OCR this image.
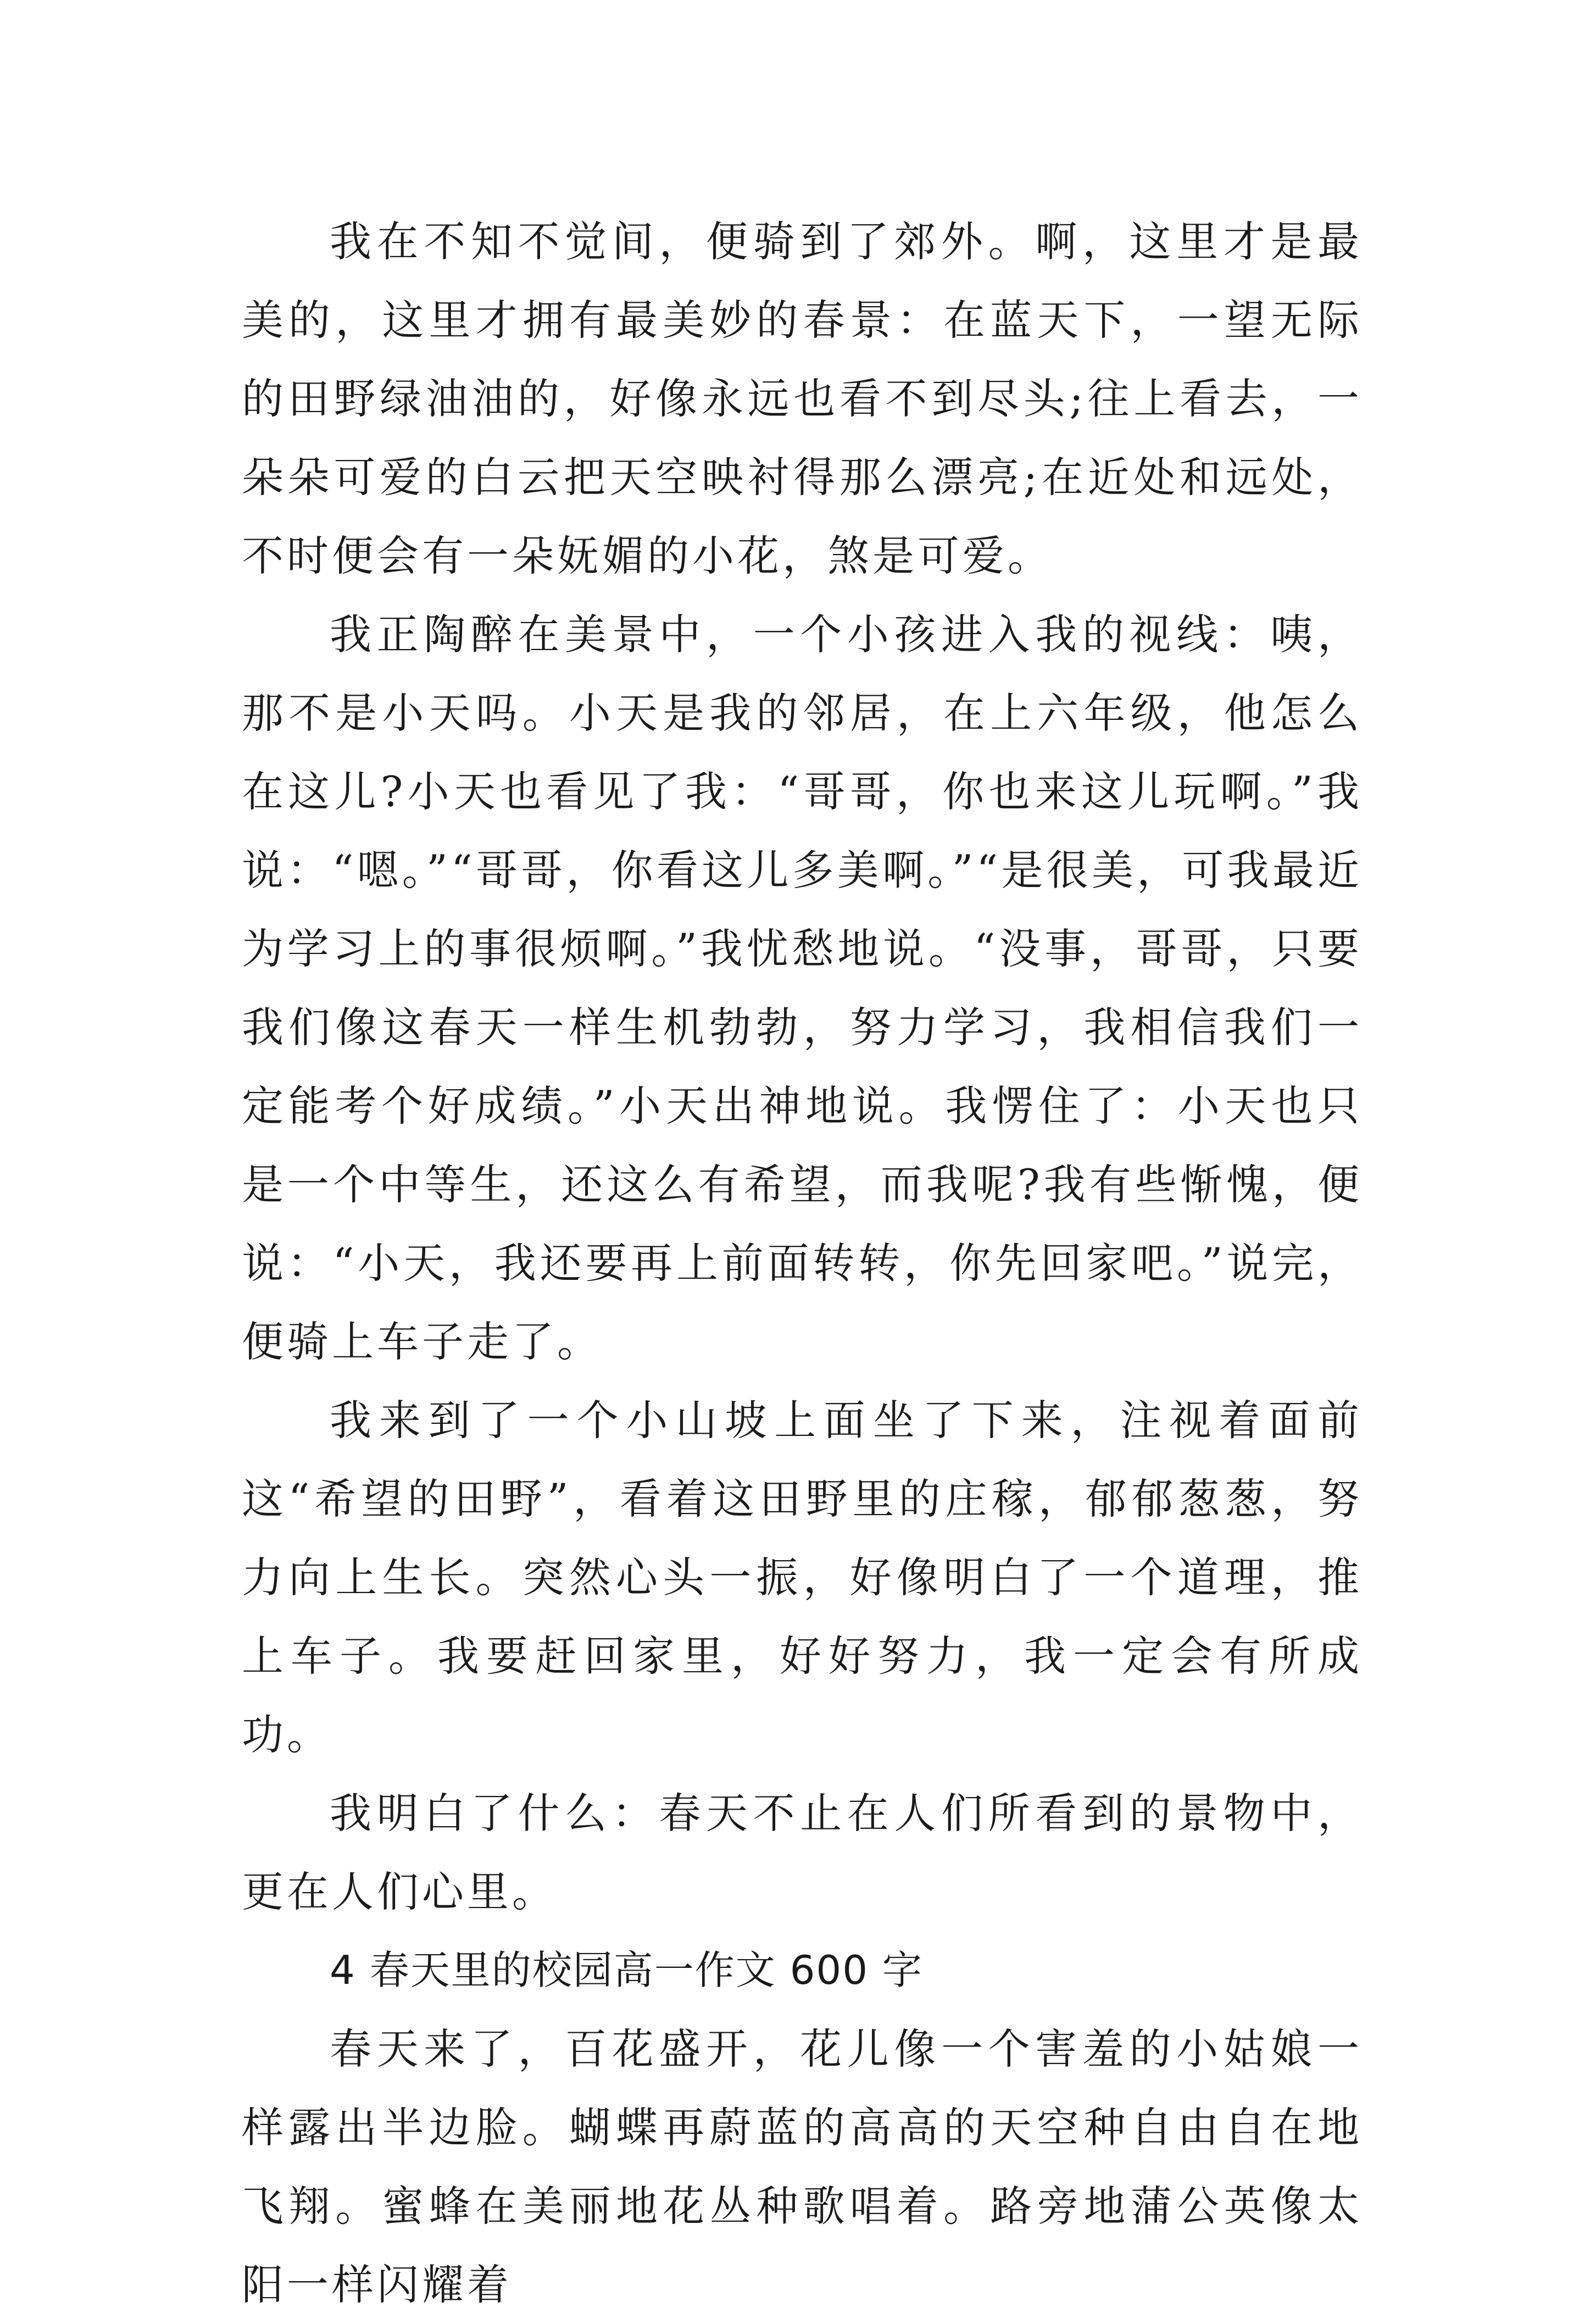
我在不知不觉间，便骑到了郊外。啊，这里才是最美的，这里才拥有最美妙的春景：在蓝天下，一望无际的田野绿油油的，好像永远也看不到尽头;往上看去，一朵朵可爱的白云把天空映衬得那么漂亮;在近处和远处，不时便会有一朵妩媚的小花，煞是可爱。

我正陶醉在美景中，一个小孩进入我的视线：咦，那不是小天吗。小天是我的邻居，在上六年级，他怎么在这儿?小天也看见了我：“哥哥，你也来这儿玩啊。”我说：“嗯。”“哥哥，你看这儿多美啊。”“是很美，可我最近为学习上的事很烦啊。”我忧愁地说。“没事，哥哥，只要我们像这春天一样生机勃勃，努力学习，我相信我们一定能考个好成绩。”小天出神地说。我愣住了：小天也只是一个中等生，还这么有希望，而我呢?我有些惭愧，便说：“小天，我还要再上前面转转，你先回家吧。”说完，便骑上车子走了。

我来到了一个小山坡上面坐了下来，注视着面前这“希望的田野”，看着这田野里的庄稼，郁郁葱葱，努力向上生长。突然心头一振，好像明白了一个道理，推上车子。我要赶回家里，好好努力，我一定会有所成功。

我明白了什么：春天不止在人们所看到的景物中，更在人们心里。

4 春天里的校园高一作文 600 字

春天来了，百花盛开，花儿像一个害羞的小姑娘一样露出半边脸。蝴蝶再蔚蓝的高高的天空种自由自在地飞翔。蜜蜂在美丽地花丛种歌唱着。路旁地蒲公英像太阳一样闪耀着
